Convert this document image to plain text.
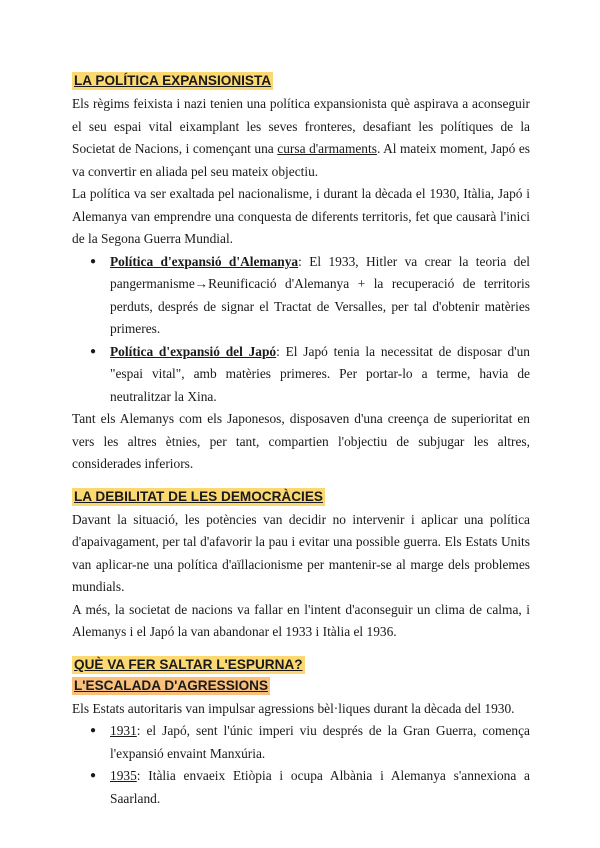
LA POLÍTICA EXPANSIONISTA

Els règims feixista i nazi tenien una política expansionista què aspirava a aconseguir el seu espai vital eixamplant les seves fronteres, desafiant les polítiques de la Societat de Nacions, i començant una cursa d'armaments. Al mateix moment, Japó es va convertir en aliada pel seu mateix objectiu.

La política va ser exaltada pel nacionalisme, i durant la dècada el 1930, Itàlia, Japó i Alemanya van emprendre una conquesta de diferents territoris, fet que causarà l'inici de la Segona Guerra Mundial.

● Política d'expansió d'Alemanya: El 1933, Hitler va crear la teoria del pangermanisme→Reunificació d'Alemanya + la recuperació de territoris perduts, després de signar el Tractat de Versalles, per tal d'obtenir matèries primeres.
● Política d'expansió del Japó: El Japó tenia la necessitat de disposar d'un "espai vital", amb matèries primeres. Per portar-lo a terme, havia de neutralitzar la Xina.

Tant els Alemanys com els Japonesos, disposaven d'una creença de superioritat en vers les altres ètnies, per tant, compartien l'objectiu de subjugar les altres, considerades inferiors.

LA DEBILITAT DE LES DEMOCRÀCIES

Davant la situació, les potències van decidir no intervenir i aplicar una política d'apaivagament, per tal d'afavorir la pau i evitar una possible guerra. Els Estats Units van aplicar-ne una política d'aïllacionisme per mantenir-se al marge dels problemes mundials.

A més, la societat de nacions va fallar en l'intent d'aconseguir un clima de calma, i Alemanys i el Japó la van abandonar el 1933 i Itàlia el 1936.

QUÈ VA FER SALTAR L'ESPURNA?
L'ESCALADA D'AGRESSIONS

Els Estats autoritaris van impulsar agressions bèl·liques durant la dècada del 1930.

● 1931: el Japó, sent l'únic imperi viu després de la Gran Guerra, comença l'expansió envaint Manxúria.
● 1935: Itàlia envaeix Etiòpia i ocupa Albània i Alemanya s'annexiona a Saarland.
